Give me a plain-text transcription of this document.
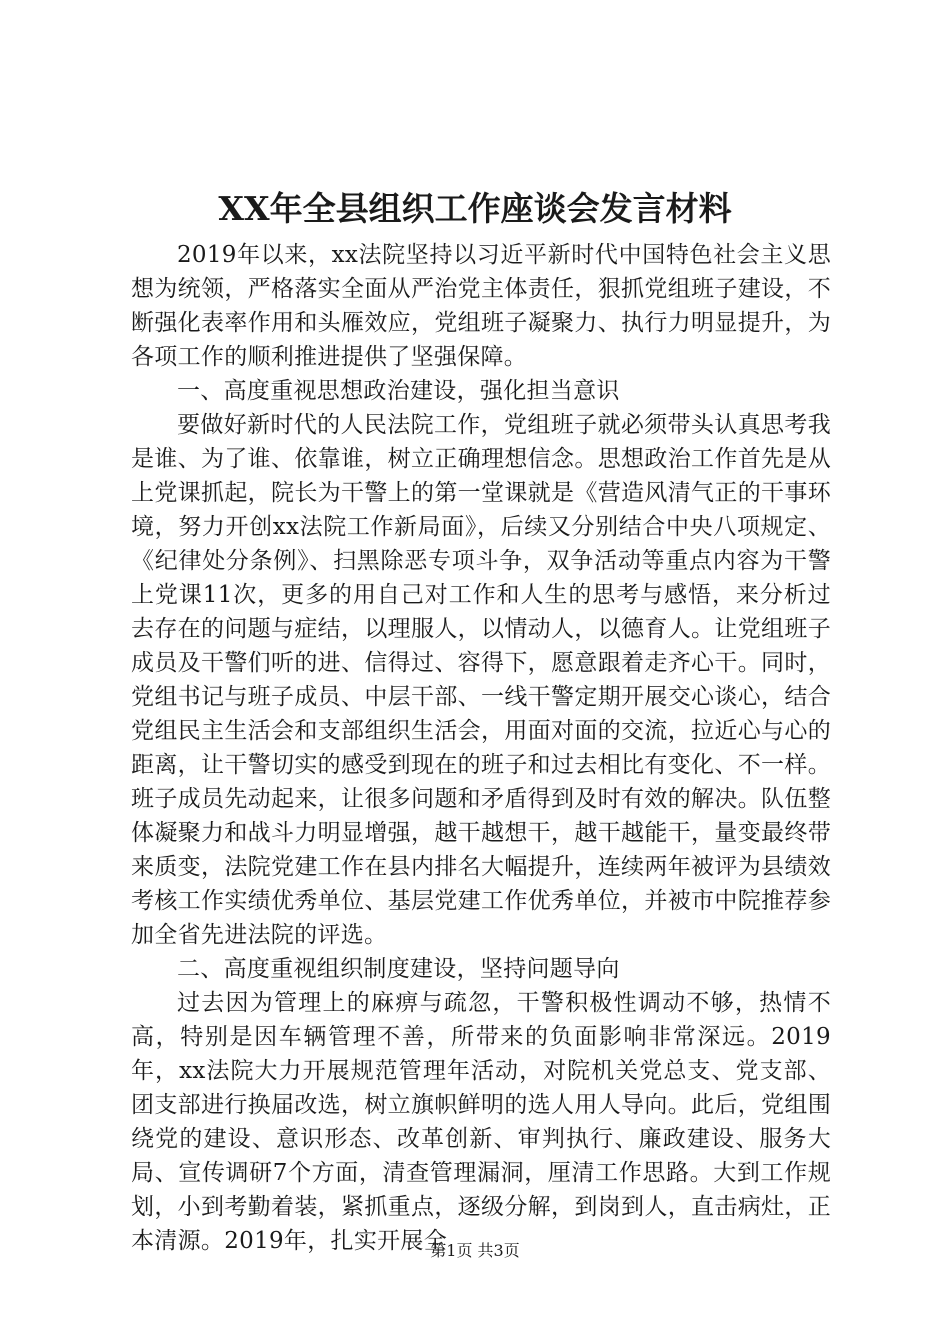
XX年全县组织工作座谈会发言材料

2019年以来，xx法院坚持以习近平新时代中国特色社会主义思想为统领，严格落实全面从严治党主体责任，狠抓党组班子建设，不断强化表率作用和头雁效应，党组班子凝聚力、执行力明显提升，为各项工作的顺利推进提供了坚强保障。

一、高度重视思想政治建设，强化担当意识

要做好新时代的人民法院工作，党组班子就必须带头认真思考我是谁、为了谁、依靠谁，树立正确理想信念。思想政治工作首先是从上党课抓起，院长为干警上的第一堂课就是《营造风清气正的干事环境，努力开创xx法院工作新局面》，后续又分别结合中央八项规定、《纪律处分条例》、扫黑除恶专项斗争，双争活动等重点内容为干警上党课11次，更多的用自己对工作和人生的思考与感悟，来分析过去存在的问题与症结，以理服人，以情动人，以德育人。让党组班子成员及干警们听的进、信得过、容得下，愿意跟着走齐心干。同时，党组书记与班子成员、中层干部、一线干警定期开展交心谈心，结合党组民主生活会和支部组织生活会，用面对面的交流，拉近心与心的距离，让干警切实的感受到现在的班子和过去相比有变化、不一样。班子成员先动起来，让很多问题和矛盾得到及时有效的解决。队伍整体凝聚力和战斗力明显增强，越干越想干，越干越能干，量变最终带来质变，法院党建工作在县内排名大幅提升，连续两年被评为县绩效考核工作实绩优秀单位、基层党建工作优秀单位，并被市中院推荐参加全省先进法院的评选。

二、高度重视组织制度建设，坚持问题导向

过去因为管理上的麻痹与疏忽，干警积极性调动不够，热情不高，特别是因车辆管理不善，所带来的负面影响非常深远。2019年，xx法院大力开展规范管理年活动，对院机关党总支、党支部、团支部进行换届改选，树立旗帜鲜明的选人用人导向。此后，党组围绕党的建设、意识形态、改革创新、审判执行、廉政建设、服务大局、宣传调研7个方面，清查管理漏洞，厘清工作思路。大到工作规划，小到考勤着装，紧抓重点，逐级分解，到岗到人，直击病灶，正本清源。2019年，扎实开展全

第1页 共3页
